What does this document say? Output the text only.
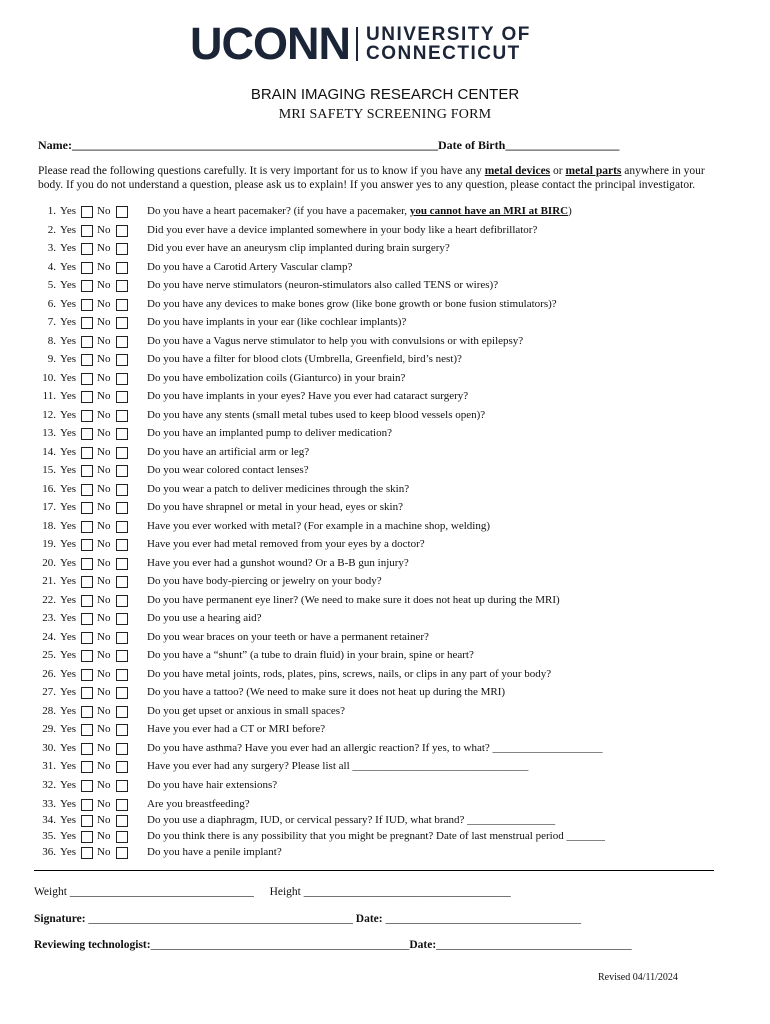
UCONN UNIVERSITY OF
CONNECTICUT
BRAIN IMAGING RESEARCH CENTER
MRI SAFETY SCREENING FORM
Name:_____________________________________________________________Date of Birth___________________
Please read the following questions carefully. It is very important for us to know if you have any metal devices or metal parts anywhere in your body. If you do not understand a question, please ask us to explain! If you answer yes to any question, please contact the principal investigator.
1. Yes No	Do you have a heart pacemaker? (if you have a pacemaker, you cannot have an MRI at BIRC)
2. Yes No	Did you ever have a device implanted somewhere in your body like a heart defibrillator?
3. Yes No	Did you ever have an aneurysm clip implanted during brain surgery?
4. Yes No	Do you have a Carotid Artery Vascular clamp?
5. Yes No	Do you have nerve stimulators (neuron-stimulators also called TENS or wires)?
6. Yes No	Do you have any devices to make bones grow (like bone growth or bone fusion stimulators)?
7. Yes No	Do you have implants in your ear (like cochlear implants)?
8. Yes No	Do you have a Vagus nerve stimulator to help you with convulsions or with epilepsy?
9. Yes No	Do you have a filter for blood clots (Umbrella, Greenfield, bird’s nest)?
10. Yes No	Do you have embolization coils (Gianturco) in your brain?
11. Yes No	Do you have implants in your eyes? Have you ever had cataract surgery?
12. Yes No	Do you have any stents (small metal tubes used to keep blood vessels open)?
13. Yes No	Do you have an implanted pump to deliver medication?
14. Yes No	Do you have an artificial arm or leg?
15. Yes No	Do you wear colored contact lenses?
16. Yes No	Do you wear a patch to deliver medicines through the skin?
17. Yes No	Do you have shrapnel or metal in your head, eyes or skin?
18. Yes No	Have you ever worked with metal? (For example in a machine shop, welding)
19. Yes No	Have you ever had metal removed from your eyes by a doctor?
20. Yes No	Have you ever had a gunshot wound? Or a B-B gun injury?
21. Yes No	Do you have body-piercing or jewelry on your body?
22. Yes No	Do you have permanent eye liner? (We need to make sure it does not heat up during the MRI)
23. Yes No	Do you use a hearing aid?
24. Yes No	Do you wear braces on your teeth or have a permanent retainer?
25. Yes No	Do you have a “shunt” (a tube to drain fluid) in your brain, spine or heart?
26. Yes No	Do you have metal joints, rods, plates, pins, screws, nails, or clips in any part of your body?
27. Yes No	Do you have a tattoo? (We need to make sure it does not heat up during the MRI)
28. Yes No	Do you get upset or anxious in small spaces?
29. Yes No	Have you ever had a CT or MRI before?
30. Yes No	Do you have asthma? Have you ever had an allergic reaction? If yes, to what? ____________________
31. Yes No	Have you ever had any surgery? Please list all ________________________________
32. Yes No	Do you have hair extensions?
33. Yes No	Are you breastfeeding?
34. Yes No	Do you use a diaphragm, IUD, or cervical pessary? If IUD, what brand? ________________
35. Yes No	Do you think there is any possibility that you might be pregnant? Date of last menstrual period _______
36. Yes No	Do you have a penile implant?
Weight ________________________________ Height ____________________________________
Signature: ______________________________________________ Date: __________________________________
Reviewing technologist:_____________________________________________Date:__________________________________
Revised 04/11/2024
